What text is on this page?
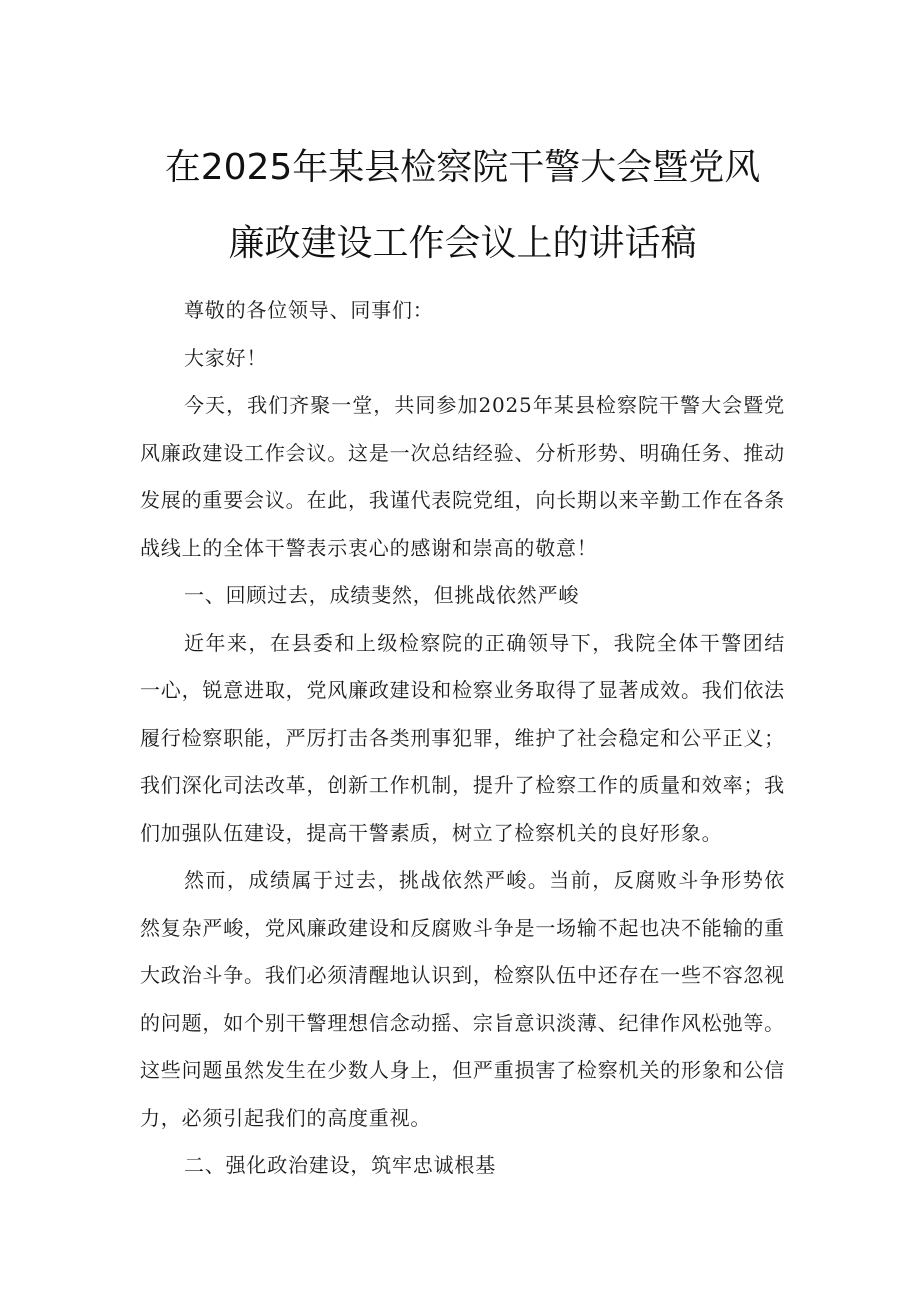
在2025年某县检察院干警大会暨党风
廉政建设工作会议上的讲话稿

尊敬的各位领导、同事们：

大家好！

今天，我们齐聚一堂，共同参加2025年某县检察院干警大会暨党风廉政建设工作会议。这是一次总结经验、分析形势、明确任务、推动发展的重要会议。在此，我谨代表院党组，向长期以来辛勤工作在各条战线上的全体干警表示衷心的感谢和崇高的敬意！

一、回顾过去，成绩斐然，但挑战依然严峻

近年来，在县委和上级检察院的正确领导下，我院全体干警团结一心，锐意进取，党风廉政建设和检察业务取得了显著成效。我们依法履行检察职能，严厉打击各类刑事犯罪，维护了社会稳定和公平正义；我们深化司法改革，创新工作机制，提升了检察工作的质量和效率；我们加强队伍建设，提高干警素质，树立了检察机关的良好形象。

然而，成绩属于过去，挑战依然严峻。当前，反腐败斗争形势依然复杂严峻，党风廉政建设和反腐败斗争是一场输不起也决不能输的重大政治斗争。我们必须清醒地认识到，检察队伍中还存在一些不容忽视的问题，如个别干警理想信念动摇、宗旨意识淡薄、纪律作风松弛等。这些问题虽然发生在少数人身上，但严重损害了检察机关的形象和公信力，必须引起我们的高度重视。

二、强化政治建设，筑牢忠诚根基
